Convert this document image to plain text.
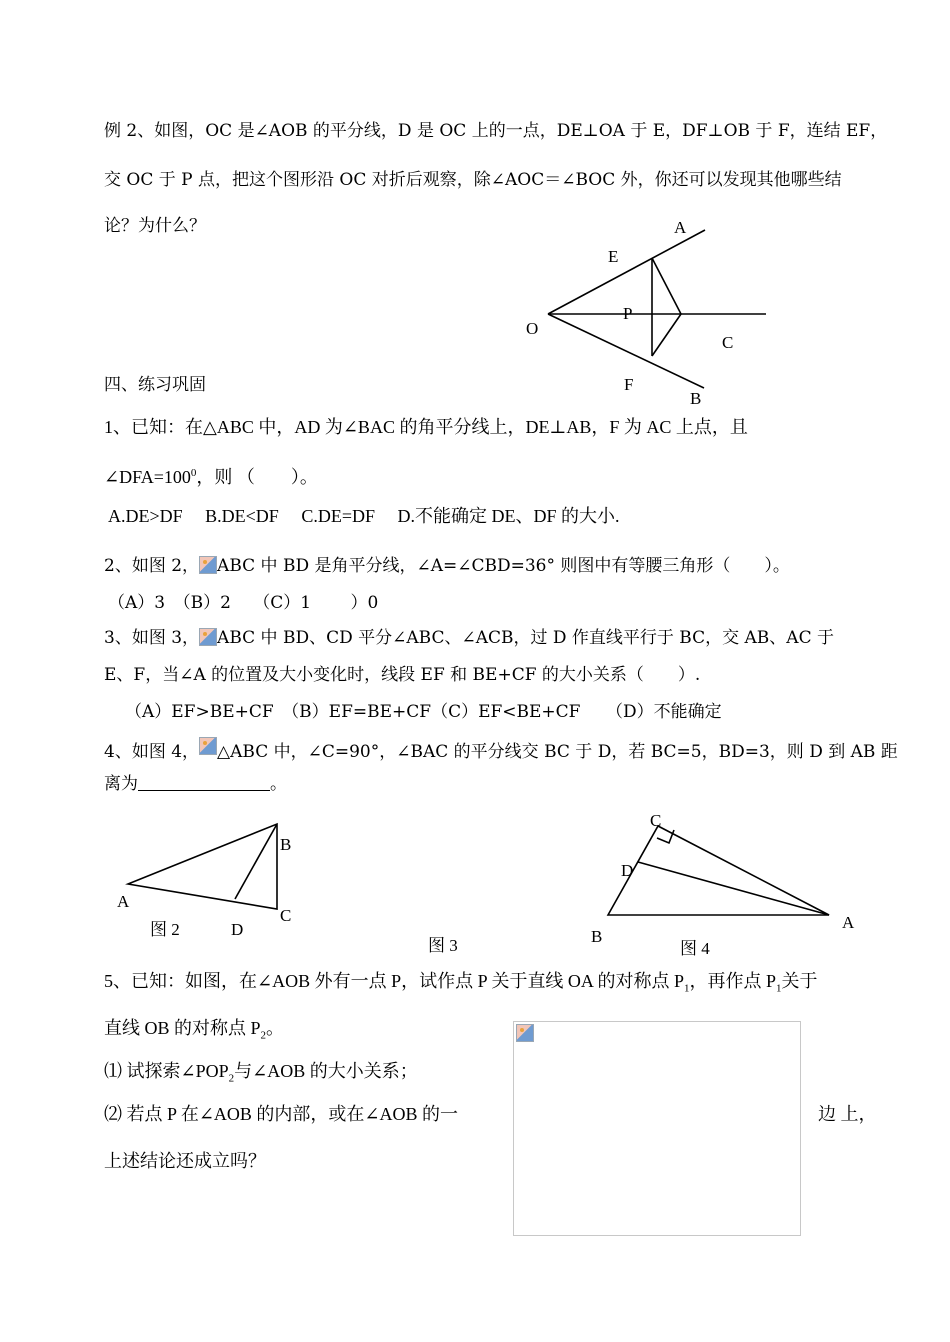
例 2、如图，OC 是∠AOB 的平分线，D 是 OC 上的一点，DE⊥OA 于 E，DF⊥OB 于 F，连结 EF，
交 OC 于 P 点，把这个图形沿 OC 对折后观察，除∠AOC＝∠BOC 外，你还可以发现其他哪些结
论？为什么？	A
E
P
O
C
F
B
四、练习巩固
1、已知：在△ABC 中，AD 为∠BAC 的角平分线上，DE⊥AB，F 为 AC 上点，且
$\angle DFA=100^0$，则 （　　）。
A.DE>DF　 B.DE<DF　 C.DE=DF　 D.不能确定 DE、DF 的大小.
2、如图 2， ABC 中 BD 是角平分线，∠A=∠CBD=36° 则图中有等腰三角形（　　）。
（A）3　（B）2　 （C）1　　 ）0
3、如图 3， ABC 中 BD、CD 平分∠ABC、∠ACB，过 D 作直线平行于 BC，交 AB、AC 于
E、F，当∠A 的位置及大小变化时，线段 EF 和 BE+CF 的大小关系（　　）.
（A）EF>BE+CF　（B）EF=BE+CF（C）EF<BE+CF　　（D）不能确定
4、如图 4， △ABC 中，∠C=90°，∠BAC 的平分线交 BC 于 D，若 BC=5，BD=3，则 D 到 AB 距
离为	。
A
B
C
D
图 2
图 3
C
D
B
A
图 4
5、已知：如图，在∠AOB 外有一点 P，试作点 P 关于直线 OA 的对称点 $P_1$，再作点 $P_1$关于
直线 OB 的对称点 $P_2$。
⑴ 试探索$\angle POP_2$与∠AOB 的大小关系；
⑵ 若点 P 在∠AOB 的内部，或在∠AOB 的一	边 上，
上述结论还成立吗？
